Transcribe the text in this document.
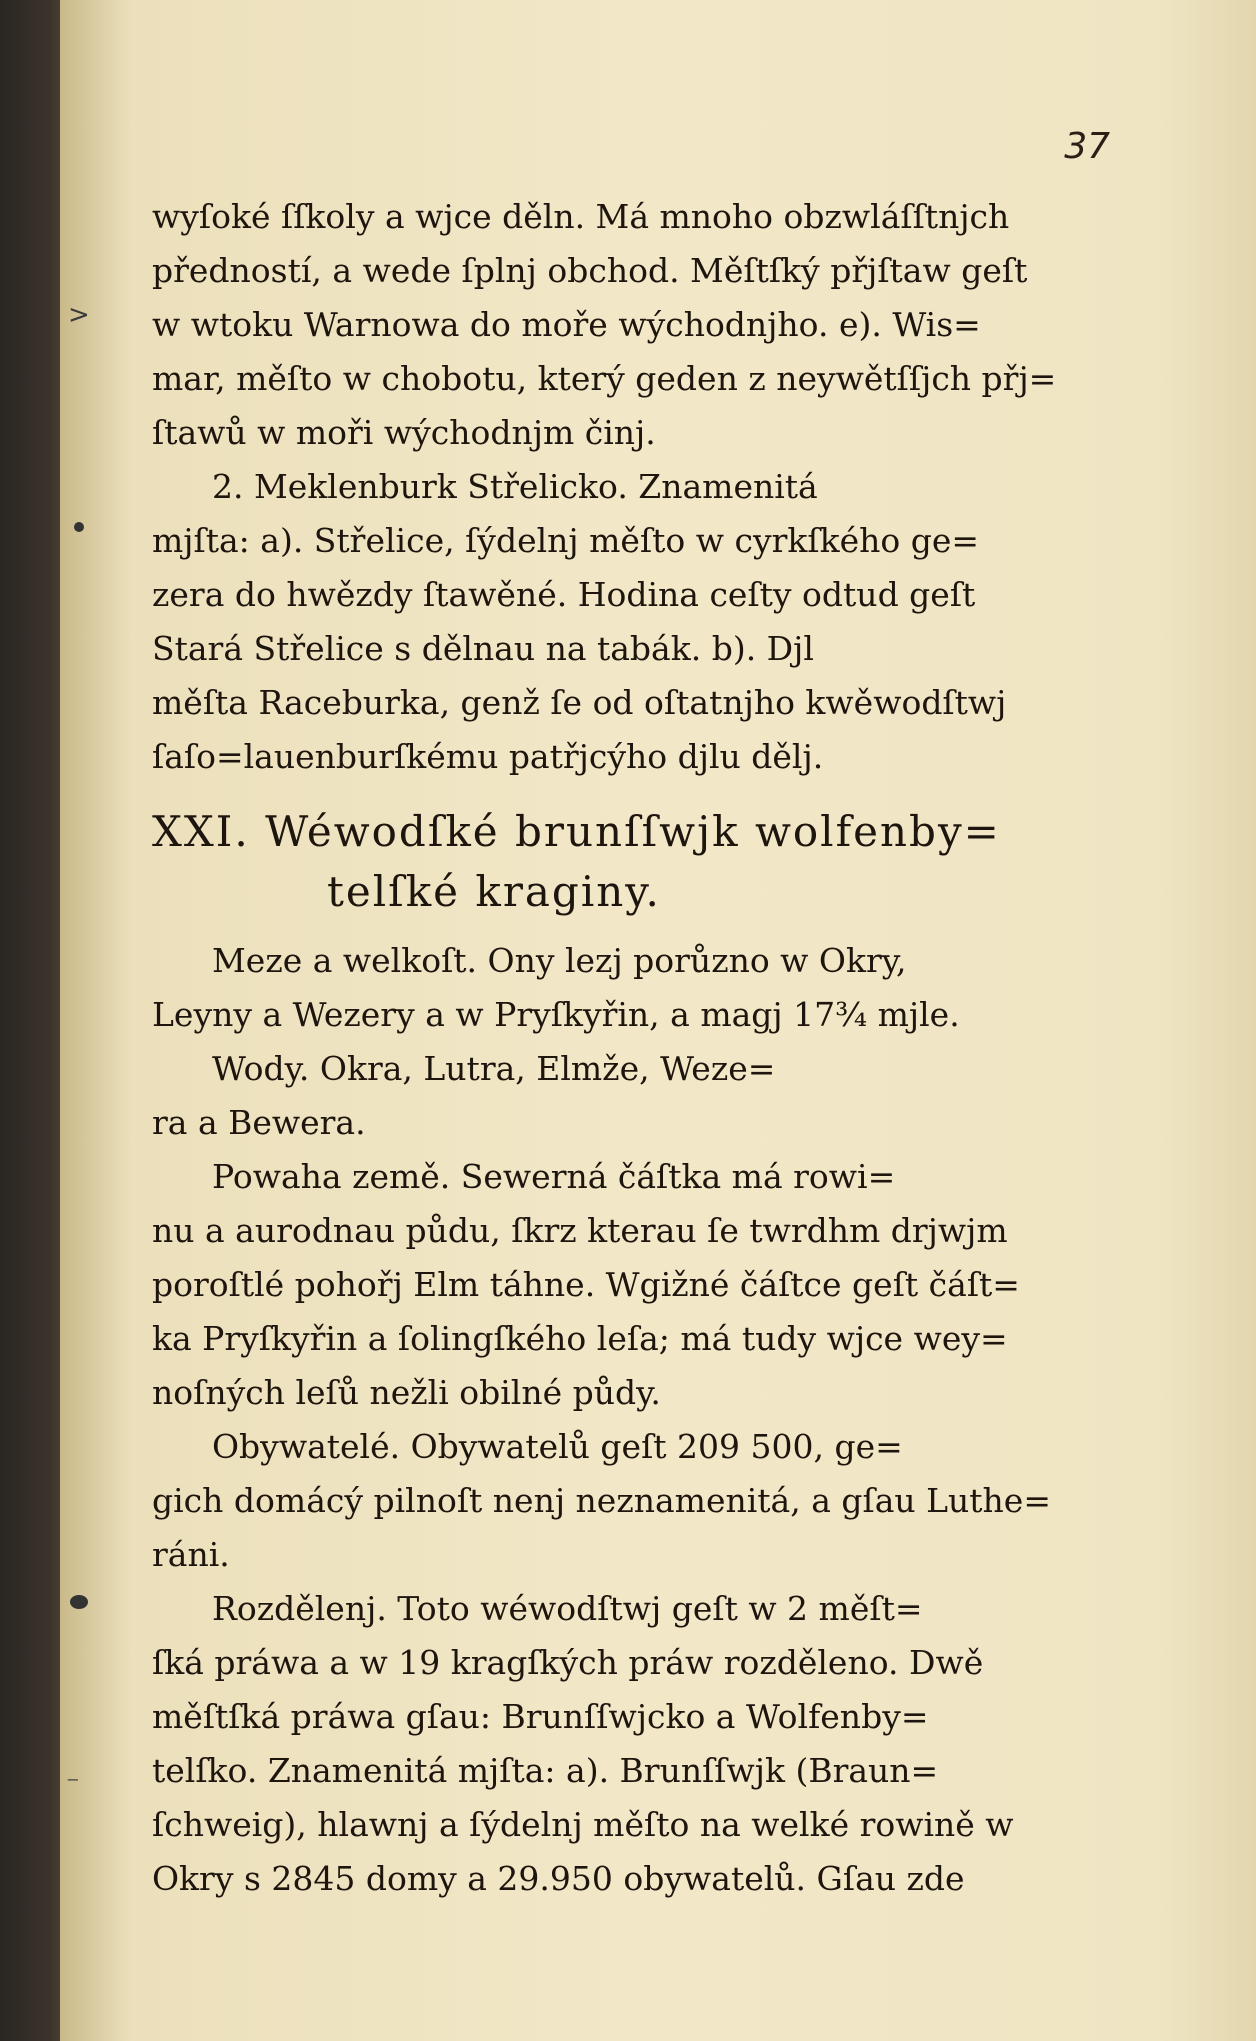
37
>
⁻
wyſoké ſſkoly a wjce děln. Má mnoho obzwláſſtnjch
předností, a wede ſplnj obchod. Měſtſký přjſtaw geſt
w wtoku Warnowa do moře wýchodnjho. e). Wis=
mar, měſto w chobotu, který geden z neywětſſjch přj=
ſtawů w moři wýchodnjm činj.
2. Meklenburk Střelicko. Znamenitá
mjſta: a). Střelice, ſýdelnj měſto w cyrkſkého ge=
zera do hwězdy ſtawěné. Hodina ceſty odtud geſt
Stará Střelice s dělnau na tabák. b). Djl
měſta Raceburka, genž ſe od oſtatnjho kwěwodſtwj
ſaſo=lauenburſkému patřjcýho djlu dělj.
XXI. Wéwodſké brunſſwjk wolfenby=
telſké kraginy.
Meze a welkoſt. Ony lezj porůzno w Okry,
Leyny a Wezery a w Pryſkyřin, a magj 17¾ mjle.
Wody. Okra, Lutra, Elmže, Weze=
ra a Bewera.
Powaha země. Sewerná čáſtka má rowi=
nu a aurodnau půdu, ſkrz kterau ſe twrdhm drjwjm
poroſtlé pohořj Elm táhne. Wgižné čáſtce geſt čáſt=
ka Pryſkyřin a ſolingſkého leſa; má tudy wjce wey=
noſných leſů nežli obilné půdy.
Obywatelé. Obywatelů geſt 209 500, ge=
gich domácý pilnoſt nenj neznamenitá, a gſau Luthe=
ráni.
Rozdělenj. Toto wéwodſtwj geſt w 2 měſt=
ſká práwa a w 19 kragſkých práw rozděleno. Dwě
měſtſká práwa gſau: Brunſſwjcko a Wolfenby=
telſko. Znamenitá mjſta: a). Brunſſwjk (Braun=
ſchweig), hlawnj a ſýdelnj měſto na welké rowině w
Okry s 2845 domy a 29.950 obywatelů. Gſau zde
